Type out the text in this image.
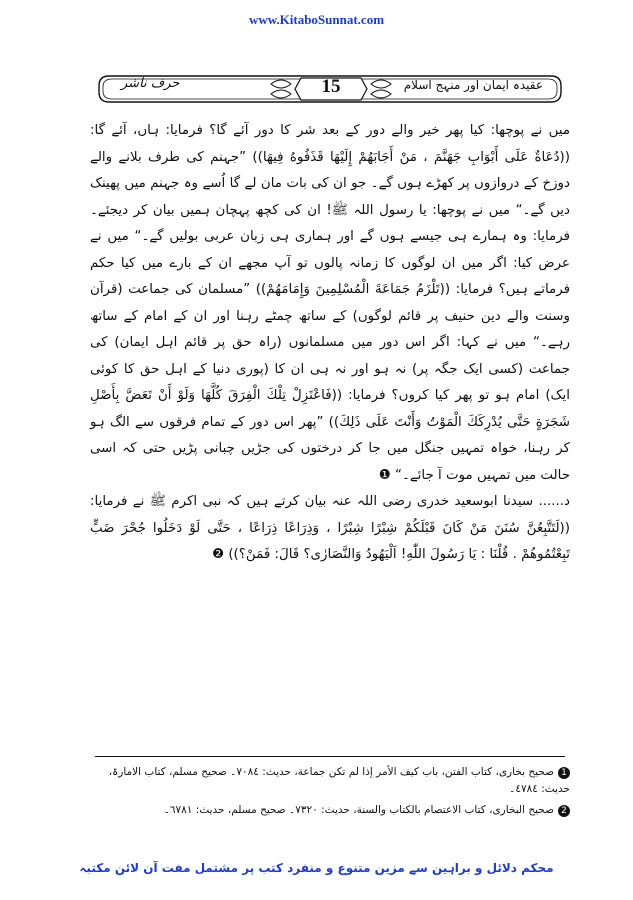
www.KitaboSunnat.com
حرف ناشر	15	عقیدہ ایمان اور منہج اسلام

میں نے پوچھا: کیا پھر خیر والے دور کے بعد شر کا دور آئے گا؟ فرمایا: ہاں، آئے گا: ((دُعَاةٌ عَلَى أَبْوَابِ جَهَنَّمَ ، مَنْ أَجَابَهُمْ إِلَيْهَا قَذَفُوهُ فِيهَا)) ”جہنم کی طرف بلانے والے دوزخ کے دروازوں پر کھڑے ہوں گے۔ جو ان کی بات مان لے گا اُسے وہ جہنم میں پھینک دیں گے۔“ میں نے پوچھا: یا رسول اللہ ﷺ! ان کی کچھ پہچان ہمیں بیان کر دیجئے۔ فرمایا: وہ ہمارے ہی جیسے ہوں گے اور ہماری ہی زبان عربی بولیں گے۔“ میں نے عرض کیا: اگر میں ان لوگوں کا زمانہ پالوں تو آپ مجھے ان کے بارے میں کیا حکم فرماتے ہیں؟ فرمایا: ((تَلْزَمُ جَمَاعَةَ الْمُسْلِمِينَ وَإِمَامَهُمْ)) ”مسلمان کی جماعت (قرآن وسنت والے دین حنیف پر قائم لوگوں) کے ساتھ چمٹے رہنا اور ان کے امام کے ساتھ رہے۔“ میں نے کہا: اگر اس دور میں مسلمانوں (راہ حق پر قائم اہل ایمان) کی جماعت (کسی ایک جگہ پر) نہ ہو اور نہ ہی ان کا (پوری دنیا کے اہل حق کا کوئی ایک) امام ہو تو پھر کیا کروں؟ فرمایا: ((فَاعْتَزِلْ تِلْكَ الْفِرَقَ كُلَّهَا وَلَوْ أَنْ تَعَضَّ بِأَصْلِ شَجَرَةٍ حَتَّى يُدْرِكَكَ الْمَوْتُ وَأَنْتَ عَلَى ذَلِكَ)) ”پھر اس دور کے تمام فرقوں سے الگ ہو کر رہنا، خواہ تمہیں جنگل میں جا کر درختوں کی جڑیں چبانی پڑیں حتی کہ اسی حالت میں تمہیں موت آ جائے۔“ ❶

د...... سیدنا ابوسعید خدری رضی اللہ عنہ بیان کرتے ہیں کہ نبی اکرم ﷺ نے فرمایا: ((لَتَتَّبِعُنَّ سُنَنَ مَنْ كَانَ قَبْلَكُمْ شِبْرًا شِبْرًا ، وَذِرَاعًا ذِرَاعًا ، حَتَّى لَوْ دَخَلُوا جُحْرَ ضَبٍّ تَبِعْتُمُوهُمْ . قُلْنَا : يَا رَسُولَ اللّٰهِ! اَلْيَهُودُ وَالنَّصَارٰى؟ قَالَ: فَمَنْ؟)) ❷

1صحیح بخاری، کتاب الفتن، باب کیف الأمر إذا لم تکن جماعة، حدیث: ٧٠٨٤۔ صحیح مسلم، کتاب الامارۃ، حدیث: ٤٧٨٤۔

2صحیح البخاری، کتاب الاعتصام بالکتاب والسنة، حدیث: ٧٣٢٠۔ صحیح مسلم، حدیث: ٦٧٨١۔

محکم دلائل و براہین سے مزین متنوع و منفرد کتب پر مشتمل مفت آن لائن مکتبہ
